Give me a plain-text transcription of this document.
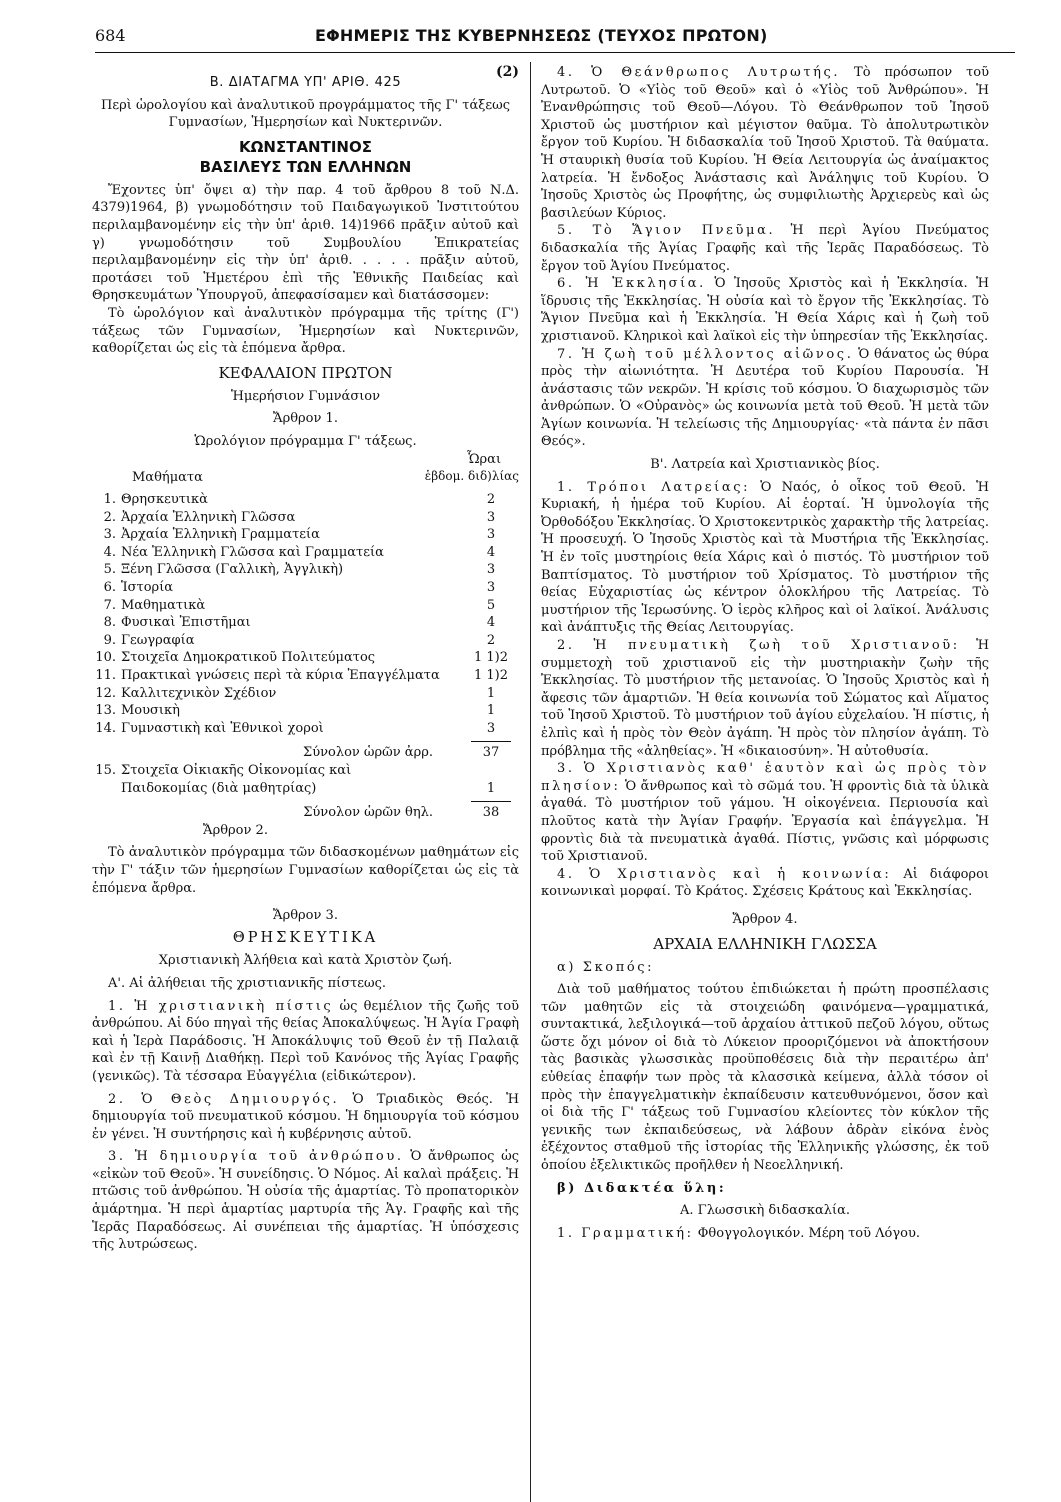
684	ΕΦΗΜΕΡΙΣ ΤΗΣ ΚΥΒΕΡΝΗΣΕΩΣ (ΤΕΥΧΟΣ ΠΡΩΤΟΝ)
(2)

Β. ΔΙΑΤΑΓΜΑ ΥΠ' ΑΡΙΘ. 425

Περὶ ὡρολογίου καὶ ἀναλυτικοῦ προγράμματος τῆς Γ' τάξεως Γυμνασίων, Ἡμερησίων καὶ Νυκτερινῶν.

ΚΩΝΣΤΑΝΤΙΝΟΣ

ΒΑΣΙΛΕΥΣ ΤΩΝ ΕΛΛΗΝΩΝ

Ἔχοντες ὑπ' ὄψει α) τὴν παρ. 4 τοῦ ἄρθρου 8 τοῦ Ν.Δ. 4379)1964, β) γνωμοδότησιν τοῦ Παιδαγωγικοῦ Ἰνστιτούτου περιλαμβανομένην εἰς τὴν ὑπ' ἀριθ. 14)1966 πρᾶξιν αὐτοῦ καὶ γ) γνωμοδότησιν τοῦ Συμβουλίου Ἐπικρατείας περιλαμβανομένην εἰς τὴν ὑπ' ἀριθ. . . . . πρᾶξιν αὐτοῦ, προτάσει τοῦ Ἡμετέρου ἐπὶ τῆς Ἐθνικῆς Παιδείας καὶ Θρησκευμάτων Ὑπουργοῦ, ἀπεφασίσαμεν καὶ διατάσσομεν:

Τὸ ὡρολόγιον καὶ ἀναλυτικὸν πρόγραμμα τῆς τρίτης (Γ') τάξεως τῶν Γυμνασίων, Ἡμερησίων καὶ Νυκτερινῶν, καθορίζεται ὡς εἰς τὰ ἑπόμενα ἄρθρα.

ΚΕΦΑΛΑΙΟΝ ΠΡΩΤΟΝ

Ἡμερήσιον Γυμνάσιον

Ἄρθρον 1.

Ὡρολόγιον πρόγραμμα Γ' τάξεως.

Μαθήματα
Ὧραι
ἑβδομ. διδ)λίας
1. Θρησκευτικὰ	2
2. Ἀρχαία Ἑλληνικὴ Γλῶσσα	3
3. Ἀρχαία Ἑλληνικὴ Γραμματεία	3
4. Νέα Ἑλληνικὴ Γλῶσσα καὶ Γραμματεία	4
5. Ξένη Γλῶσσα (Γαλλικὴ, Ἀγγλικὴ)	3
6. Ἱστορία	3
7. Μαθηματικὰ	5
8. Φυσικαὶ Ἐπιστῆμαι	4
9. Γεωγραφία	2
10. Στοιχεῖα Δημοκρατικοῦ Πολιτεύματος	1 1)2
11. Πρακτικαὶ γνώσεις περὶ τὰ κύρια Ἐπαγγέλματα	1 1)2
12. Καλλιτεχνικὸν Σχέδιον	1
13. Μουσικὴ	1
14. Γυμναστικὴ καὶ Ἐθνικοὶ χοροὶ	3
Σύνολον ὡρῶν ἀρρ.	37
15. Στοιχεῖα Οἰκιακῆς Οἰκονομίας καὶ Παιδοκομίας (διὰ μαθητρίας)	1
Σύνολον ὡρῶν θηλ.	38

Ἄρθρον 2.

Τὸ ἀναλυτικὸν πρόγραμμα τῶν διδασκομένων μαθημάτων εἰς τὴν Γ' τάξιν τῶν ἡμερησίων Γυμνασίων καθορίζεται ὡς εἰς τὰ ἑπόμενα ἄρθρα.

Ἄρθρον 3.

ΘΡΗΣΚΕΥΤΙΚΑ

Χριστιανικὴ Ἀλήθεια καὶ κατὰ Χριστὸν ζωή.

Α'. Αἱ ἀλήθειαι τῆς χριστιανικῆς πίστεως.

1. Ἡ χριστιανικὴ πίστις ὡς θεμέλιον τῆς ζωῆς τοῦ ἀνθρώπου. Αἱ δύο πηγαὶ τῆς θείας Ἀποκαλύψεως. Ἡ Ἁγία Γραφὴ καὶ ἡ Ἱερὰ Παράδοσις. Ἡ Ἀποκάλυψις τοῦ Θεοῦ ἐν τῇ Παλαιᾷ καὶ ἐν τῇ Καινῇ Διαθήκῃ. Περὶ τοῦ Κανόνος τῆς Ἁγίας Γραφῆς (γενικῶς). Τὰ τέσσαρα Εὐαγγέλια (εἰδικώτερον).

2. Ὁ Θεὸς Δημιουργός. Ὁ Τριαδικὸς Θεός. Ἡ δημιουργία τοῦ πνευματικοῦ κόσμου. Ἡ δημιουργία τοῦ κόσμου ἐν γένει. Ἡ συντήρησις καὶ ἡ κυβέρνησις αὐτοῦ.

3. Ἡ δημιουργία τοῦ ἀνθρώπου. Ὁ ἄνθρωπος ὡς «εἰκὼν τοῦ Θεοῦ». Ἡ συνείδησις. Ὁ Νόμος. Αἱ καλαὶ πράξεις. Ἡ πτῶσις τοῦ ἀνθρώπου. Ἡ οὐσία τῆς ἁμαρτίας. Τὸ προπατορικὸν ἁμάρτημα. Ἡ περὶ ἁμαρτίας μαρτυρία τῆς Ἁγ. Γραφῆς καὶ τῆς Ἱερᾶς Παραδόσεως. Αἱ συνέπειαι τῆς ἁμαρτίας. Ἡ ὑπόσχεσις τῆς λυτρώσεως.

4. Ὁ Θεάνθρωπος Λυτρωτής. Τὸ πρόσωπον τοῦ Λυτρωτοῦ. Ὁ «Υἱὸς τοῦ Θεοῦ» καὶ ὁ «Υἱὸς τοῦ Ἀνθρώπου». Ἡ Ἐνανθρώπησις τοῦ Θεοῦ—Λόγου. Τὸ Θεάνθρωπον τοῦ Ἰησοῦ Χριστοῦ ὡς μυστήριον καὶ μέγιστον θαῦμα. Τὸ ἀπολυτρωτικὸν ἔργον τοῦ Κυρίου. Ἡ διδασκαλία τοῦ Ἰησοῦ Χριστοῦ. Τὰ θαύματα. Ἡ σταυρικὴ θυσία τοῦ Κυρίου. Ἡ Θεία Λειτουργία ὡς ἀναίμακτος λατρεία. Ἡ ἔνδοξος Ἀνάστασις καὶ Ἀνάληψις τοῦ Κυρίου. Ὁ Ἰησοῦς Χριστὸς ὡς Προφήτης, ὡς συμφιλιωτὴς Ἀρχιερεὺς καὶ ὡς βασιλεύων Κύριος.

5. Τὸ Ἅγιον Πνεῦμα. Ἡ περὶ Ἁγίου Πνεύματος διδασκαλία τῆς Ἁγίας Γραφῆς καὶ τῆς Ἱερᾶς Παραδόσεως. Τὸ ἔργον τοῦ Ἁγίου Πνεύματος.

6. Ἡ Ἐκκλησία. Ὁ Ἰησοῦς Χριστὸς καὶ ἡ Ἐκκλησία. Ἡ ἵδρυσις τῆς Ἐκκλησίας. Ἡ οὐσία καὶ τὸ ἔργον τῆς Ἐκκλησίας. Τὸ Ἅγιον Πνεῦμα καὶ ἡ Ἐκκλησία. Ἡ Θεία Χάρις καὶ ἡ ζωὴ τοῦ χριστιανοῦ. Κληρικοὶ καὶ λαϊκοὶ εἰς τὴν ὑπηρεσίαν τῆς Ἐκκλησίας.

7. Ἡ ζωὴ τοῦ μέλλοντος αἰῶνος. Ὁ θάνατος ὡς θύρα πρὸς τὴν αἰωνιότητα. Ἡ Δευτέρα τοῦ Κυρίου Παρουσία. Ἡ ἀνάστασις τῶν νεκρῶν. Ἡ κρίσις τοῦ κόσμου. Ὁ διαχωρισμὸς τῶν ἀνθρώπων. Ὁ «Οὐρανὸς» ὡς κοινωνία μετὰ τοῦ Θεοῦ. Ἡ μετὰ τῶν Ἁγίων κοινωνία. Ἡ τελείωσις τῆς Δημιουργίας· «τὰ πάντα ἐν πᾶσι Θεός».

Β'. Λατρεία καὶ Χριστιανικὸς βίος.

1. Τρόποι Λατρείας: Ὁ Ναός, ὁ οἶκος τοῦ Θεοῦ. Ἡ Κυριακή, ἡ ἡμέρα τοῦ Κυρίου. Αἱ ἑορταί. Ἡ ὑμνολογία τῆς Ὀρθοδόξου Ἐκκλησίας. Ὁ Χριστοκεντρικὸς χαρακτὴρ τῆς λατρείας. Ἡ προσευχή. Ὁ Ἰησοῦς Χριστὸς καὶ τὰ Μυστήρια τῆς Ἐκκλησίας. Ἡ ἐν τοῖς μυστηρίοις θεία Χάρις καὶ ὁ πιστός. Τὸ μυστήριον τοῦ Βαπτίσματος. Τὸ μυστήριον τοῦ Χρίσματος. Τὸ μυστήριον τῆς θείας Εὐχαριστίας ὡς κέντρον ὁλοκλήρου τῆς Λατρείας. Τὸ μυστήριον τῆς Ἱερωσύνης. Ὁ ἱερὸς κλῆρος καὶ οἱ λαϊκοί. Ἀνάλυσις καὶ ἀνάπτυξις τῆς Θείας Λειτουργίας.

2. Ἡ πνευματικὴ ζωὴ τοῦ Χριστιανοῦ: Ἡ συμμετοχὴ τοῦ χριστιανοῦ εἰς τὴν μυστηριακὴν ζωὴν τῆς Ἐκκλησίας. Τὸ μυστήριον τῆς μετανοίας. Ὁ Ἰησοῦς Χριστὸς καὶ ἡ ἄφεσις τῶν ἁμαρτιῶν. Ἡ θεία κοινωνία τοῦ Σώματος καὶ Αἵματος τοῦ Ἰησοῦ Χριστοῦ. Τὸ μυστήριον τοῦ ἁγίου εὐχελαίου. Ἡ πίστις, ἡ ἐλπὶς καὶ ἡ πρὸς τὸν Θεὸν ἀγάπη. Ἡ πρὸς τὸν πλησίον ἀγάπη. Τὸ πρόβλημα τῆς «ἀληθείας». Ἡ «δικαιοσύνη». Ἡ αὐτοθυσία.

3. Ὁ Χριστιανὸς καθ' ἑαυτὸν καὶ ὡς πρὸς τὸν πλησίον: Ὁ ἄνθρωπος καὶ τὸ σῶμά του. Ἡ φροντὶς διὰ τὰ ὑλικὰ ἀγαθά. Τὸ μυστήριον τοῦ γάμου. Ἡ οἰκογένεια. Περιουσία καὶ πλοῦτος κατὰ τὴν Ἁγίαν Γραφήν. Ἐργασία καὶ ἐπάγγελμα. Ἡ φροντὶς διὰ τὰ πνευματικὰ ἀγαθά. Πίστις, γνῶσις καὶ μόρφωσις τοῦ Χριστιανοῦ.

4. Ὁ Χριστιανὸς καὶ ἡ κοινωνία: Αἱ διάφοροι κοινωνικαὶ μορφαί. Τὸ Κράτος. Σχέσεις Κράτους καὶ Ἐκκλησίας.

Ἄρθρον 4.

ΑΡΧΑΙΑ ΕΛΛΗΝΙΚΗ ΓΛΩΣΣΑ

α) Σκοπός:

Διὰ τοῦ μαθήματος τούτου ἐπιδιώκεται ἡ πρώτη προσπέλασις τῶν μαθητῶν εἰς τὰ στοιχειώδη φαινόμενα—γραμματικά, συντακτικά, λεξιλογικά—τοῦ ἀρχαίου ἀττικοῦ πεζοῦ λόγου, οὕτως ὥστε ὄχι μόνον οἱ διὰ τὸ Λύκειον προοριζόμενοι νὰ ἀποκτήσουν τὰς βασικὰς γλωσσικὰς προϋποθέσεις διὰ τὴν περαιτέρω ἀπ' εὐθείας ἐπαφήν των πρὸς τὰ κλασσικὰ κείμενα, ἀλλὰ τόσον οἱ πρὸς τὴν ἐπαγγελματικὴν ἐκπαίδευσιν κατευθυνόμενοι, ὅσον καὶ οἱ διὰ τῆς Γ' τάξεως τοῦ Γυμνασίου κλείοντες τὸν κύκλον τῆς γενικῆς των ἐκπαιδεύσεως, νὰ λάβουν ἀδρὰν εἰκόνα ἑνὸς ἐξέχοντος σταθμοῦ τῆς ἱστορίας τῆς Ἑλληνικῆς γλώσσης, ἐκ τοῦ ὁποίου ἐξελικτικῶς προῆλθεν ἡ Νεοελληνική.

β) Διδακτέα ὕλη:

Α. Γλωσσικὴ διδασκαλία.

1. Γραμματική: Φθογγολογικόν. Μέρη τοῦ Λόγου.
